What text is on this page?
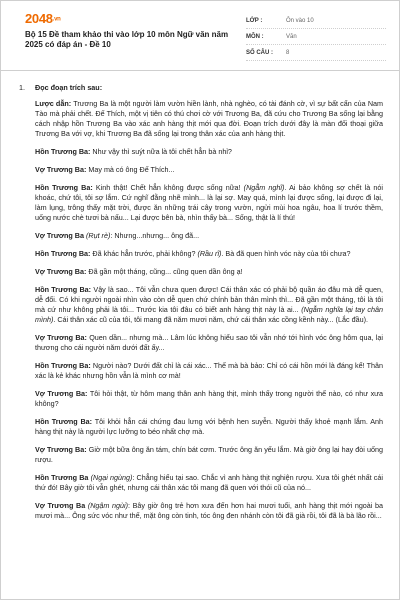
2048.vn
Bộ 15 Đề tham khảo thi vào lớp 10 môn Ngữ văn năm 2025 có đáp án - Đề 10
LỚP :	Ôn vào 10
MÔN :	Văn
SỐ CÂU :	8
1.	Đọc đoạn trích sau:
Lược dẫn: Trương Ba là một người làm vườn hiền lành, nhà nghèo, có tài đánh cờ, vì sự bất cẩn của Nam Tào mà phải chết. Đế Thích, một vị tiên có thú chơi cờ với Trương Ba, đã cứu cho Trương Ba sống lại bằng cách nhập hồn Trương Ba vào xác anh hàng thịt mới qua đời. Đoạn trích dưới đây là màn đối thoại giữa Trương Ba với vợ, khi Trương Ba đã sống lại trong thân xác của anh hàng thịt.
Hồn Trương Ba: Như vậy thì suýt nữa là tôi chết hẳn bà nhỉ?
Vợ Trương Ba: May mà có ông Đế Thích...
Hồn Trương Ba: Kinh thật! Chết hẳn không được sống nữa! (Ngẫm nghĩ). Ai bảo không sợ chết là nói khoác, chứ tôi, tôi sợ lắm. Cứ nghĩ đằng nhẽ mình... là lại sợ. May quá, mình lại được sống, lại được đi lại, làm lụng, trông thấy mặt trời, được ăn những trái cây trong vườn, ngửi mùi hoa ngâu, hoa lí trước thềm, uống nước chè tươi bà nấu... Lại được bên bà, nhìn thấy bà... Sống, thật là lí thú!
Vợ Trương Ba (Rụt rè): Nhưng...nhưng... ông đã...
Hồn Trương Ba: Đã khác hẳn trước, phải không? (Rầu rĩ). Bà đã quen hình vóc này của tôi chưa?
Vợ Trương Ba: Đã gần một tháng, cũng... cũng quen dần ông ạ!
Hồn Trương Ba: Vậy là sao... Tôi vẫn chưa quen được! Cái thân xác có phải bộ quần áo đâu mà dễ quen, dễ đổi. Có khi người ngoài nhìn vào còn dễ quen chứ chính bản thân mình thì... Đã gần một tháng, tôi là tôi mà cứ như không phải là tôi... Trước kia tôi đâu có biết anh hàng thịt này là ai... (Ngẫm nghĩa lại tay chân mình). Cái thân xác cũ của tôi, tôi mang đã năm mươi năm, chứ cái thân xác cồng kềnh này... (Lắc đầu).
Vợ Trương Ba: Quen dần... nhưng mà... Lâm lúc không hiểu sao tôi vẫn nhớ tới hình vóc ông hôm qua, lại thương cho cái người năm dưới đất ấy...
Hồn Trương Ba: Người nào? Dưới đất chỉ là cái xác... Thế mà bà bảo: Chỉ có cái hồn mới là đáng kể! Thân xác là kẻ khác nhưng hồn vẫn là mình cơ mà!
Vợ Trương Ba: Tôi hỏi thật, từ hôm mang thân anh hàng thịt, mình thấy trong người thế nào, có như xưa không?
Hồn Trương Ba: Tôi khỏi hẳn cái chứng đau lưng với bệnh hen suyễn. Người thấy khoẻ mạnh lắm. Anh hàng thịt này là người lực lưỡng to béo nhất chợ mà.
Vợ Trương Ba: Giờ một bữa ông ăn tám, chín bát cơm. Trước ông ăn yếu lắm. Mà giờ ông lại hay đòi uống rượu.
Hồn Trương Ba (Ngại ngùng): Chẳng hiểu tại sao. Chắc vì anh hàng thịt nghiện rượu. Xưa tôi ghét nhất cái thứ đó! Bây giờ tôi vẫn ghét, nhưng cái thân xác tôi mang đã quen với thói cũ của nó...
Vợ Trương Ba (Ngậm ngùi): Bây giờ ông trẻ hơn xưa đến hơn hai mươi tuổi, anh hàng thịt mới ngoài ba mươi mà... Ông sức vóc như thế, mặt ông còn tinh, tóc ông đen nhánh còn tôi đã già rồi, tôi đã là bà lão rồi...
